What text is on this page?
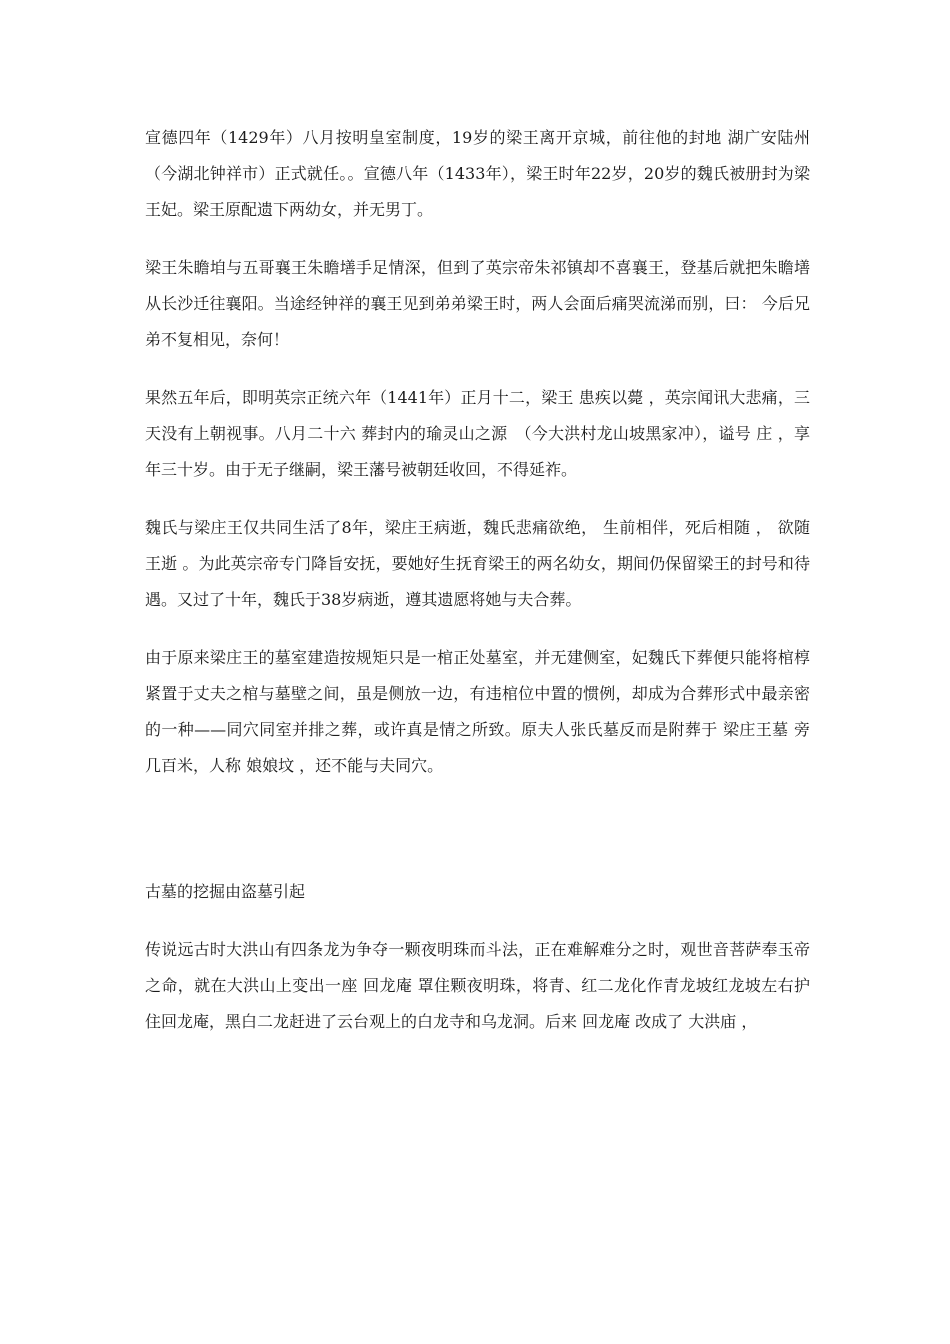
宣德四年（1429年）八月按明皇室制度，19岁的梁王离开京城，前往他的封地 湖广安陆州 （今湖北钟祥市）正式就任。。宣德八年（1433年），梁王时年22岁，20岁的魏氏被册封为梁王妃。梁王原配遗下两幼女，并无男丁。

梁王朱瞻垍与五哥襄王朱瞻墡手足情深，但到了英宗帝朱祁镇却不喜襄王，登基后就把朱瞻墡从长沙迁往襄阳。当途经钟祥的襄王见到弟弟梁王时，两人会面后痛哭流涕而别，曰： 今后兄弟不复相见，奈何！

果然五年后，即明英宗正统六年（1441年）正月十二，梁王 患疾以薨 ，英宗闻讯大悲痛，三天没有上朝视事。八月二十六 葬封内的瑜灵山之源　（今大洪村龙山坡黑家冲），谥号 庄 ，享年三十岁。由于无子继嗣，梁王藩号被朝廷收回，不得延祚。

魏氏与梁庄王仅共同生活了8年，梁庄王病逝，魏氏悲痛欲绝， 生前相伴，死后相随 ， 欲随王逝 。为此英宗帝专门降旨安抚，要她好生抚育梁王的两名幼女，期间仍保留梁王的封号和待遇。又过了十年，魏氏于38岁病逝，遵其遗愿将她与夫合葬。

由于原来梁庄王的墓室建造按规矩只是一棺正处墓室，并无建侧室，妃魏氏下葬便只能将棺椁紧置于丈夫之棺与墓壁之间，虽是侧放一边，有违棺位中置的惯例，却成为合葬形式中最亲密的一种——同穴同室并排之葬，或许真是情之所致。原夫人张氏墓反而是附葬于 梁庄王墓 旁几百米，人称 娘娘坟 ，还不能与夫同穴。

古墓的挖掘由盗墓引起

传说远古时大洪山有四条龙为争夺一颗夜明珠而斗法，正在难解难分之时，观世音菩萨奉玉帝之命，就在大洪山上变出一座 回龙庵 罩住颗夜明珠，将青、红二龙化作青龙坡红龙坡左右护住回龙庵，黑白二龙赶进了云台观上的白龙寺和乌龙洞。后来 回龙庵 改成了 大洪庙 ，
